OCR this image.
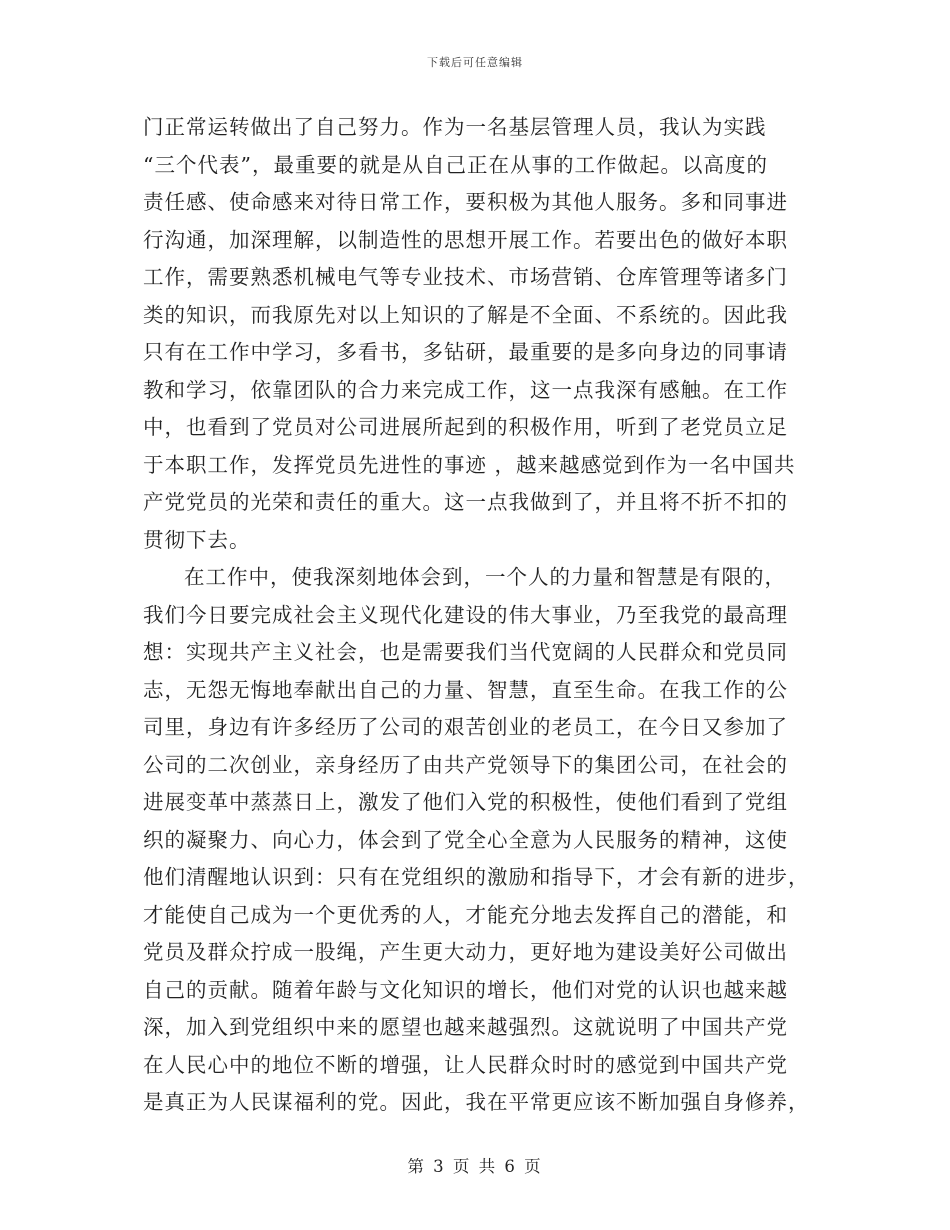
下载后可任意编辑
门正常运转做出了自己努力。作为一名基层管理人员，我认为实践
“三个代表”，最重要的就是从自己正在从事的工作做起。以高度的
责任感、使命感来对待日常工作，要积极为其他人服务。多和同事进
行沟通，加深理解，以制造性的思想开展工作。若要出色的做好本职
工作，需要熟悉机械电气等专业技术、市场营销、仓库管理等诸多门
类的知识，而我原先对以上知识的了解是不全面、不系统的。因此我
只有在工作中学习，多看书，多钻研，最重要的是多向身边的同事请
教和学习，依靠团队的合力来完成工作，这一点我深有感触。在工作
中，也看到了党员对公司进展所起到的积极作用，听到了老党员立足
于本职工作，发挥党员先进性的事迹 ，越来越感觉到作为一名中国共
产党党员的光荣和责任的重大。这一点我做到了，并且将不折不扣的
贯彻下去。
在工作中，使我深刻地体会到，一个人的力量和智慧是有限的，
我们今日要完成社会主义现代化建设的伟大事业，乃至我党的最高理
想：实现共产主义社会，也是需要我们当代宽阔的人民群众和党员同
志，无怨无悔地奉献出自己的力量、智慧，直至生命。在我工作的公
司里，身边有许多经历了公司的艰苦创业的老员工，在今日又参加了
公司的二次创业，亲身经历了由共产党领导下的集团公司，在社会的
进展变革中蒸蒸日上，激发了他们入党的积极性，使他们看到了党组
织的凝聚力、向心力，体会到了党全心全意为人民服务的精神，这使
他们清醒地认识到：只有在党组织的激励和指导下，才会有新的进步，
才能使自己成为一个更优秀的人，才能充分地去发挥自己的潜能，和
党员及群众拧成一股绳，产生更大动力，更好地为建设美好公司做出
自己的贡献。随着年龄与文化知识的增长，他们对党的认识也越来越
深，加入到党组织中来的愿望也越来越强烈。这就说明了中国共产党
在人民心中的地位不断的增强，让人民群众时时的感觉到中国共产党
是真正为人民谋福利的党。因此，我在平常更应该不断加强自身修养，
第 3 页 共 6 页
